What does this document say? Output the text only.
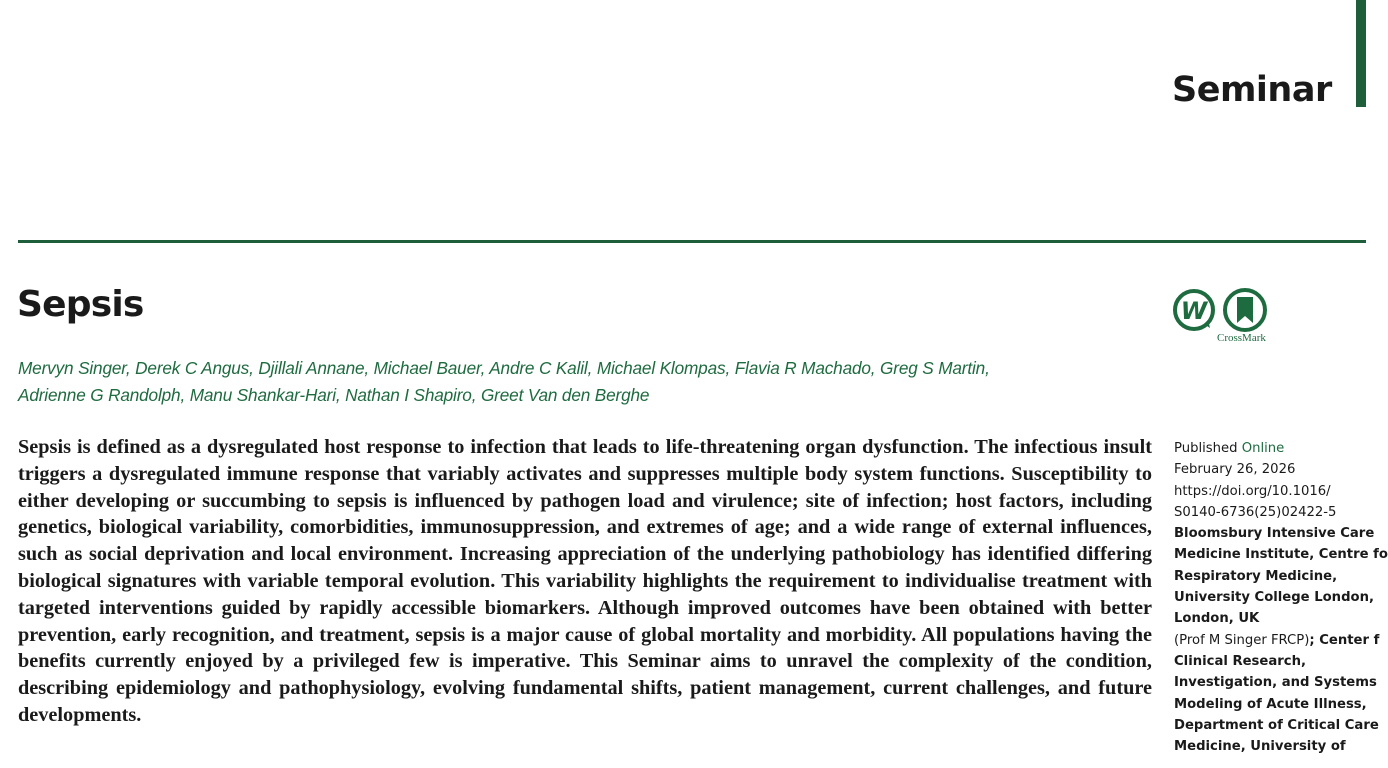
Seminar
Sepsis

Mervyn Singer, Derek C Angus, Djillali Annane, Michael Bauer, Andre C Kalil, Michael Klompas, Flavia R Machado, Greg S Martin,
Adrienne G Randolph, Manu Shankar-Hari, Nathan I Shapiro, Greet Van den Berghe

Sepsis is defined as a dysregulated host response to infection that leads to life-threatening organ dysfunction. The infectious insult triggers a dysregulated immune response that variably activates and suppresses multiple body system functions. Susceptibility to either developing or succumbing to sepsis is influenced by pathogen load and virulence; site of infection; host factors, including genetics, biological variability, comorbidities, immunosuppression, and extremes of age; and a wide range of external influences, such as social deprivation and local environment. Increasing appreciation of the underlying pathobiology has identified differing biological signatures with variable temporal evolution. This variability highlights the requirement to individualise treatment with targeted interventions guided by rapidly accessible biomarkers. Although improved outcomes have been obtained with better prevention, early recognition, and treatment, sepsis is a major cause of global mortality and morbidity. All populations having the benefits currently enjoyed by a privileged few is imperative. This Seminar aims to unravel the complexity of the condition, describing epidemiology and pathophysiology, evolving fundamental shifts, patient management, current challenges, and future developments.

W
CrossMark
Published Online
February 26, 2026
https://doi.org/10.1016/
S0140-6736(25)02422-5
Bloomsbury Intensive Care
Medicine Institute, Centre fo
Respiratory Medicine,
University College London,
London, UK
(Prof M Singer FRCP); Center f
Clinical Research,
Investigation, and Systems
Modeling of Acute Illness,
Department of Critical Care
Medicine, University of
